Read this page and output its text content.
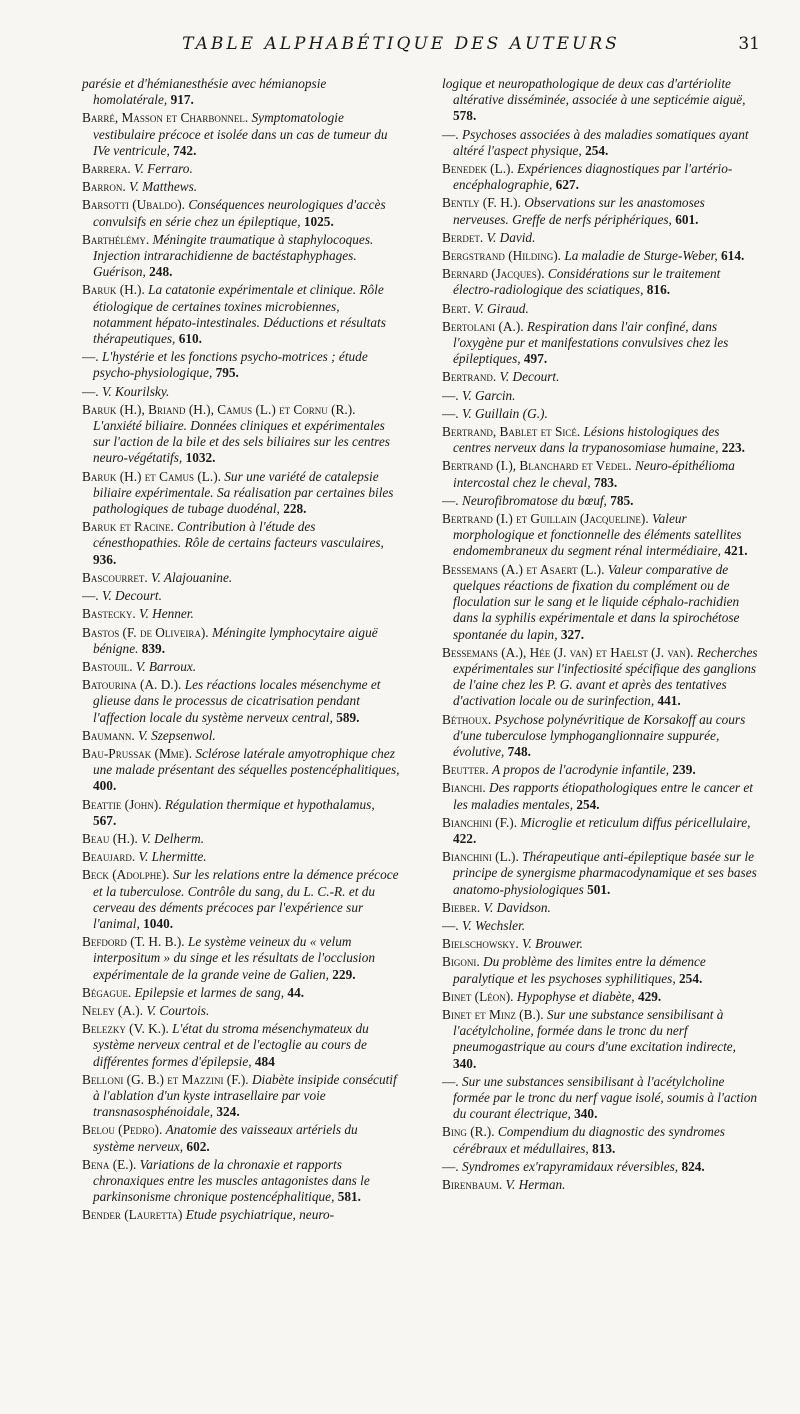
TABLE ALPHABÉTIQUE DES AUTEURS	31

parésie et d'hémianesthésie avec hémianopsie homolatérale, 917.

Barré, Masson et Charbonnel. Symptomatologie vestibulaire précoce et isolée dans un cas de tumeur du IVe ventricule, 742.

Barrera. V. Ferraro.

Barron. V. Matthews.

Barsotti (Ubaldo). Conséquences neurologiques d'accès convulsifs en série chez un épileptique, 1025.

Barthélémy. Méningite traumatique à staphylocoques. Injection intrarachidienne de bactéstaphyphages. Guérison, 248.

Baruk (H.). La catatonie expérimentale et clinique. Rôle étiologique de certaines toxines microbiennes, notamment hépato-intestinales. Déductions et résultats thérapeutiques, 610.

—. L'hystérie et les fonctions psycho-motrices ; étude psycho-physiologique, 795.

—. V. Kourilsky.

Baruk (H.), Briand (H.), Camus (L.) et Cornu (R.). L'anxiété biliaire. Données cliniques et expérimentales sur l'action de la bile et des sels biliaires sur les centres neuro-végétatifs, 1032.

Baruk (H.) et Camus (L.). Sur une variété de catalepsie biliaire expérimentale. Sa réalisation par certaines biles pathologiques de tubage duodénal, 228.

Baruk et Racine. Contribution à l'étude des cénesthopathies. Rôle de certains facteurs vasculaires, 936.

Bascourret. V. Alajouanine.

—. V. Decourt.

Bastecky. V. Henner.

Bastos (F. de Oliveira). Méningite lymphocytaire aiguë bénigne. 839.

Bastouil. V. Barroux.

Batourina (A. D.). Les réactions locales mésenchyme et glieuse dans le processus de cicatrisation pendant l'affection locale du système nerveux central, 589.

Baumann. V. Szepsenwol.

Bau-Prussak (Mme). Sclérose latérale amyotrophique chez une malade présentant des séquelles postencéphalitiques, 400.

Beattie (John). Régulation thermique et hypothalamus, 567.

Beau (H.). V. Delherm.

Beaujard. V. Lhermitte.

Beck (Adolphe). Sur les relations entre la démence précoce et la tuberculose. Contrôle du sang, du L. C.-R. et du cerveau des déments précoces par l'expérience sur l'animal, 1040.

Befdord (T. H. B.). Le système veineux du « velum interpositum » du singe et les résultats de l'occlusion expérimentale de la grande veine de Galien, 229.

Bégague. Epilepsie et larmes de sang, 44.

Neley (A.). V. Courtois.

Belezky (V. K.). L'état du stroma mésenchymateux du système nerveux central et de l'ectoglie au cours de différentes formes d'épilepsie, 484

Belloni (G. B.) et Mazzini (F.). Diabète insipide consécutif à l'ablation d'un kyste intrasellaire par voie transnasosphénoidale, 324.

Belou (Pedro). Anatomie des vaisseaux artériels du système nerveux, 602.

Bena (E.). Variations de la chronaxie et rapports chronaxiques entre les muscles antagonistes dans le parkinsonisme chronique postencéphalitique, 581.

Bender (Lauretta) Etude psychiatrique, neuro-

logique et neuropathologique de deux cas d'artériolite altérative disséminée, associée à une septicémie aiguë, 578.

—. Psychoses associées à des maladies somatiques ayant altéré l'aspect physique, 254.

Benedek (L.). Expériences diagnostiques par l'artério-encéphalographie, 627.

Bently (F. H.). Observations sur les anastomoses nerveuses. Greffe de nerfs périphériques, 601.

Berdet. V. David.

Bergstrand (Hilding). La maladie de Sturge-Weber, 614.

Bernard (Jacques). Considérations sur le traitement électro-radiologique des sciatiques, 816.

Bert. V. Giraud.

Bertolani (A.). Respiration dans l'air confiné, dans l'oxygène pur et manifestations convulsives chez les épileptiques, 497.

Bertrand. V. Decourt.

—. V. Garcin.

—. V. Guillain (G.).

Bertrand, Bablet et Sicé. Lésions histologiques des centres nerveux dans la trypanosomiase humaine, 223.

Bertrand (I.), Blanchard et Vedel. Neuro-épithélioma intercostal chez le cheval, 783.

—. Neurofibromatose du bœuf, 785.

Bertrand (I.) et Guillain (Jacqueline). Valeur morphologique et fonctionnelle des éléments satellites endomembraneux du segment rénal intermédiaire, 421.

Bessemans (A.) et Asaert (L.). Valeur comparative de quelques réactions de fixation du complément ou de floculation sur le sang et le liquide céphalo-rachidien dans la syphilis expérimentale et dans la spirochétose spontanée du lapin, 327.

Bessemans (A.), Hée (J. van) et Haelst (J. van). Recherches expérimentales sur l'infectiosité spécifique des ganglions de l'aine chez les P. G. avant et après des tentatives d'activation locale ou de surinfection, 441.

Béthoux. Psychose polynévritique de Korsakoff au cours d'une tuberculose lymphoganglionnaire suppurée, évolutive, 748.

Beutter. A propos de l'acrodynie infantile, 239.

Bianchi. Des rapports étiopathologiques entre le cancer et les maladies mentales, 254.

Bianchini (F.). Microglie et reticulum diffus péricellulaire, 422.

Bianchini (L.). Thérapeutique anti-épileptique basée sur le principe de synergisme pharmacodynamique et ses bases anatomo-physiologiques 501.

Bieber. V. Davidson.

—. V. Wechsler.

Bielschowsky. V. Brouwer.

Bigoni. Du problème des limites entre la démence paralytique et les psychoses syphilitiques, 254.

Binet (Léon). Hypophyse et diabète, 429.

Binet et Minz (B.). Sur une substance sensibilisant à l'acétylcholine, formée dans le tronc du nerf pneumogastrique au cours d'une excitation indirecte, 340.

—. Sur une substances sensibilisant à l'acétylcholine formée par le tronc du nerf vague isolé, soumis à l'action du courant électrique, 340.

Bing (R.). Compendium du diagnostic des syndromes cérébraux et médullaires, 813.

—. Syndromes ex'rapyramidaux réversibles, 824.

Birenbaum. V. Herman.
